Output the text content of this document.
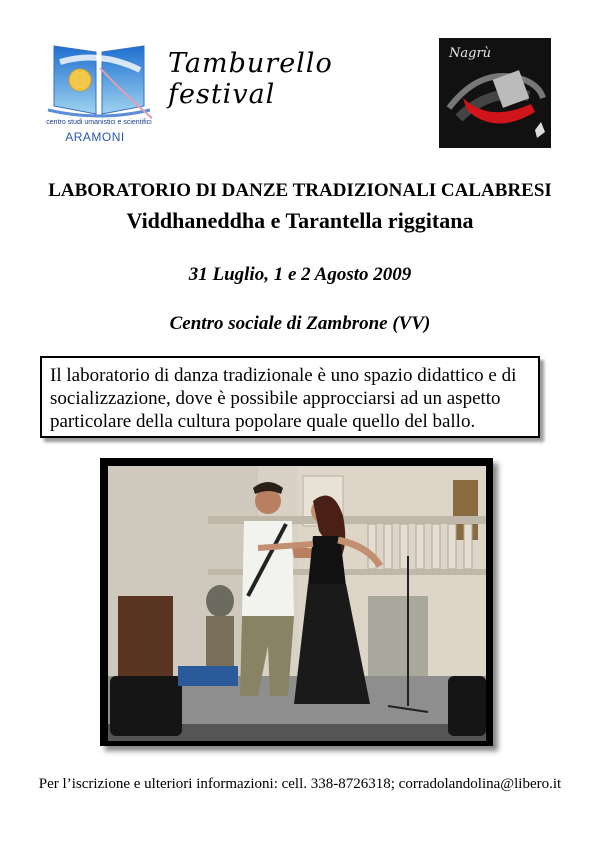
centro studi umanistici e scientifici
ARAMONI
Tamburello festival
Nagrù
LABORATORIO DI DANZE TRADIZIONALI CALABRESI
Viddhaneddha e Tarantella riggitana
31 Luglio, 1 e 2 Agosto 2009
Centro sociale di Zambrone (VV)
Il laboratorio di danza tradizionale è uno spazio didattico e di socializzazione, dove è possibile approcciarsi ad un aspetto particolare della cultura popolare quale quello del ballo.
Per l’iscrizione e ulteriori informazioni: cell. 338-8726318; corradolandolina@libero.it
